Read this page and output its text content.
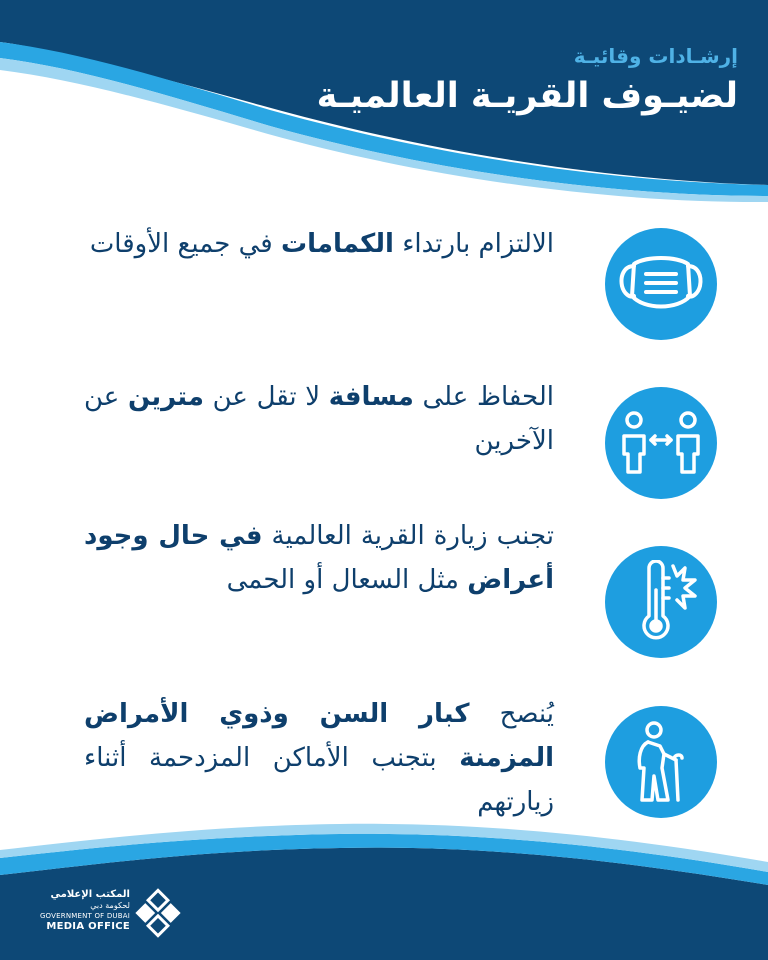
إرشـادات وقائيـة
لضيـوف القريـة العالميـة
الالتزام بارتداء الكمامات في جميع الأوقات
الحفاظ على مسافة لا تقل عن مترين عن الآخرين
تجنب زيارة القرية العالمية في حال وجود أعراض مثل السعال أو الحمى
يُنصح كبار السن وذوي الأمراض المزمنة بتجنب الأماكن المزدحمة أثناء زيارتهم
المكتب الإعلامي
لحكومة دبي
GOVERNMENT OF DUBAI
MEDIA OFFICE
